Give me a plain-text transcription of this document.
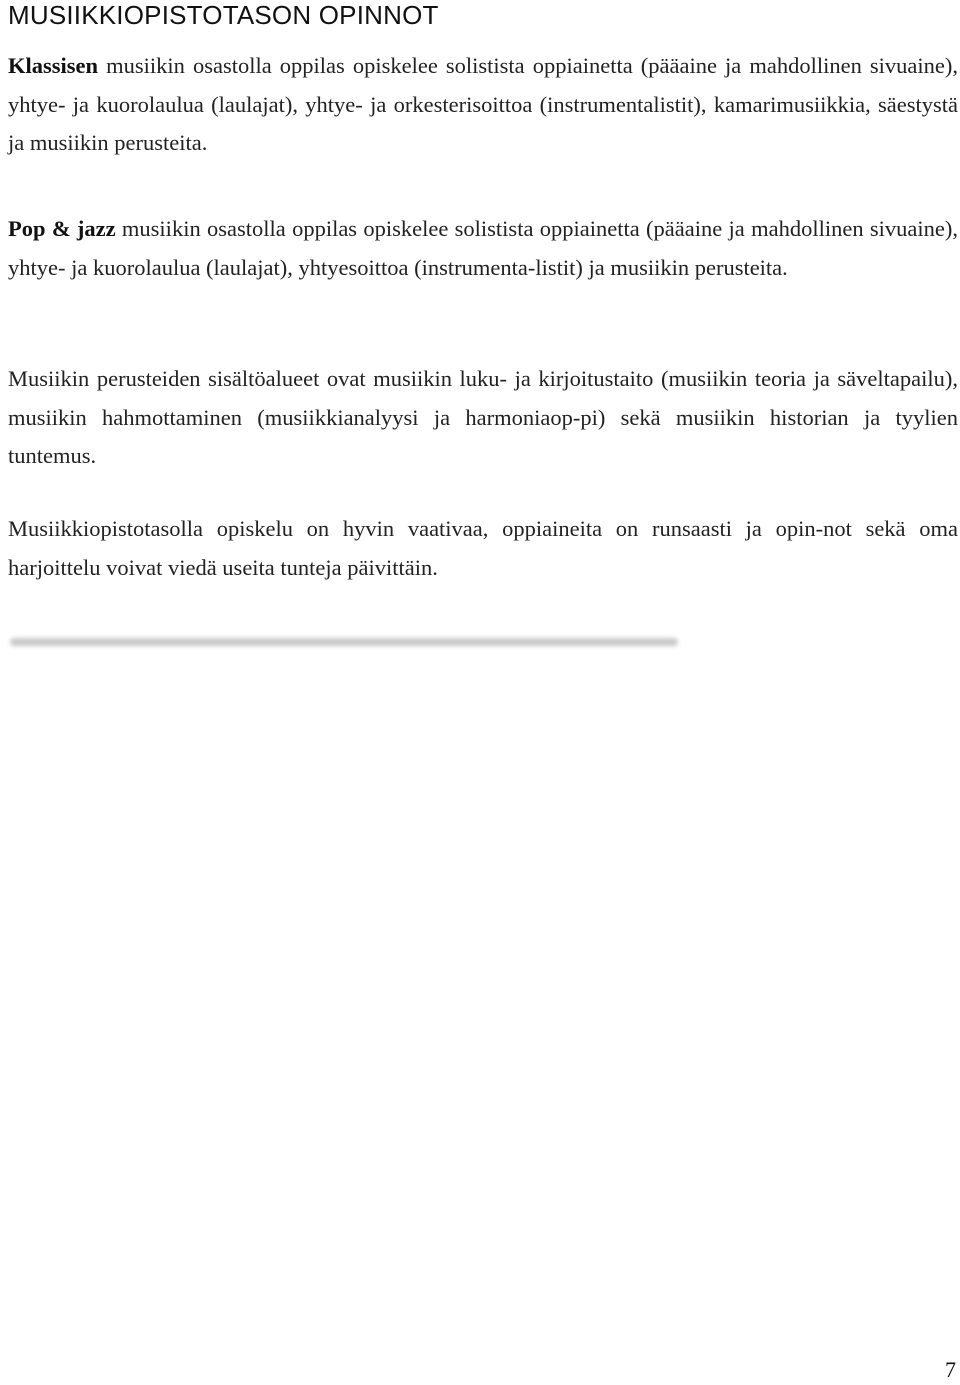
MUSIIKKIOPISTOTASON OPINNOT

Klassisen musiikin osastolla oppilas opiskelee solistista oppiainetta (pääaine ja mahdollinen sivuaine), yhtye- ja kuorolaulua (laulajat), yhtye- ja orkesterisoittoa (instrumentalistit), kamarimusiikkia, säestystä ja musiikin perusteita.

Pop & jazz musiikin osastolla oppilas opiskelee solistista oppiainetta (pääaine ja mahdollinen sivuaine), yhtye- ja kuorolaulua (laulajat), yhtyesoittoa (instrumenta-listit) ja musiikin perusteita.

Musiikin perusteiden sisältöalueet ovat musiikin luku- ja kirjoitustaito (musiikin teoria ja säveltapailu), musiikin hahmottaminen (musiikkianalyysi ja harmoniaop-pi) sekä musiikin historian ja tyylien tuntemus.

Musiikkiopistotasolla opiskelu on hyvin vaativaa, oppiaineita on runsaasti ja opin-not sekä oma harjoittelu voivat viedä useita tunteja päivittäin.

7
